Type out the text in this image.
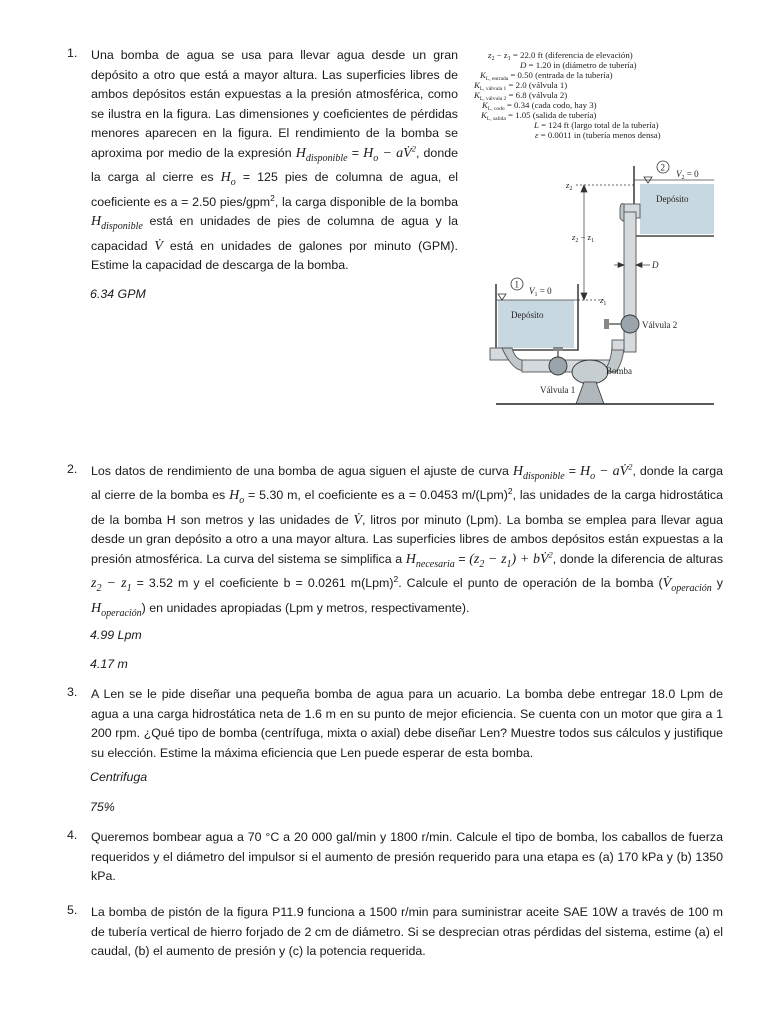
1.	Una bomba de agua se usa para llevar agua desde un gran depósito a otro que está a mayor altura. Las superficies libres de ambos depósitos están expuestas a la presión atmosférica, como se ilustra en la figura. Las dimensiones y coeficientes de pérdidas menores aparecen en la figura. El rendimiento de la bomba se aproxima por medio de la expresión $H_{disponible} = H_o$ − aV̇$^2$, donde la carga al cierre es $H_o = 125$ pies de columna de agua, el coeficiente es a = 2.50 pies/gpm$^2$, la carga disponible de la bomba $H_{disponible}$ está en unidades de pies de columna de agua y la capacidad V̇ está en unidades de galones por minuto (GPM). Estime la capacidad de descarga de la bomba.
6.34 GPM
$z_2 - z_1 = 22.0$ ft (diferencia de elevación)
D = 1.20 in (diámetro de tubería)
$K_{L, entrada} = 0.50$ (entrada de la tubería)
$K_{L, válvula 1} = 2.0$ (válvula 1)
$K_{L, válvula 2} = 6.8$ (válvula 2)
$K_{L, codo} = 0.34$ (cada codo, hay 3)
$K_{L, salida} = 1.05$ (salida de tubería)
L = 124 ft (largo total de la tubería)
ε = 0.0011 in (tubería menos densa)
Depósito
2
$V_2 = 0$
Depósito
1
$V_1 = 0$
$z_2$
$z_2 - z_1$
$z_1$
D
Válvula 2
Bomba
Válvula 1
2.	Los datos de rendimiento de una bomba de agua siguen el ajuste de curva $H_{disponible} = H_o$ − aV̇$^2$, donde la carga al cierre de la bomba es $H_o = 5.30$ m, el coeficiente es a = 0.0453 m/(Lpm)$^2$, las unidades de la carga hidrostática de la bomba H son metros y las unidades de V̇, litros por minuto (Lpm). La bomba se emplea para llevar agua desde un gran depósito a otro a una mayor altura. Las superficies libres de ambos depósitos están expuestas a la presión atmosférica. La curva del sistema se simplifica a $H_{necesaria} = (z_2 - z_1)$ + bV̇$^2$, donde la diferencia de alturas $z_2 - z_1 = 3.52$ m y el coeficiente b = 0.0261 m(Lpm)$^2$. Calcule el punto de operación de la bomba ($V̇_{operación}$ y $H_{operación}$) en unidades apropiadas (Lpm y metros, respectivamente).
4.99 Lpm
4.17 m
3.	A Len se le pide diseñar una pequeña bomba de agua para un acuario. La bomba debe entregar 18.0 Lpm de agua a una carga hidrostática neta de 1.6 m en su punto de mejor eficiencia. Se cuenta con un motor que gira a 1 200 rpm. ¿Qué tipo de bomba (centrífuga, mixta o axial) debe diseñar Len? Muestre todos sus cálculos y justifique su elección. Estime la máxima eficiencia que Len puede esperar de esta bomba.
Centrifuga
75%
4.	Queremos bombear agua a 70 °C a 20 000 gal/min y 1800 r/min. Calcule el tipo de bomba, los caballos de fuerza requeridos y el diámetro del impulsor si el aumento de presión requerido para una etapa es (a) 170 kPa y (b) 1350 kPa.
5.	La bomba de pistón de la figura P11.9 funciona a 1500 r/min para suministrar aceite SAE 10W a través de 100 m de tubería vertical de hierro forjado de 2 cm de diámetro. Si se desprecian otras pérdidas del sistema, estime (a) el caudal, (b) el aumento de presión y (c) la potencia requerida.
